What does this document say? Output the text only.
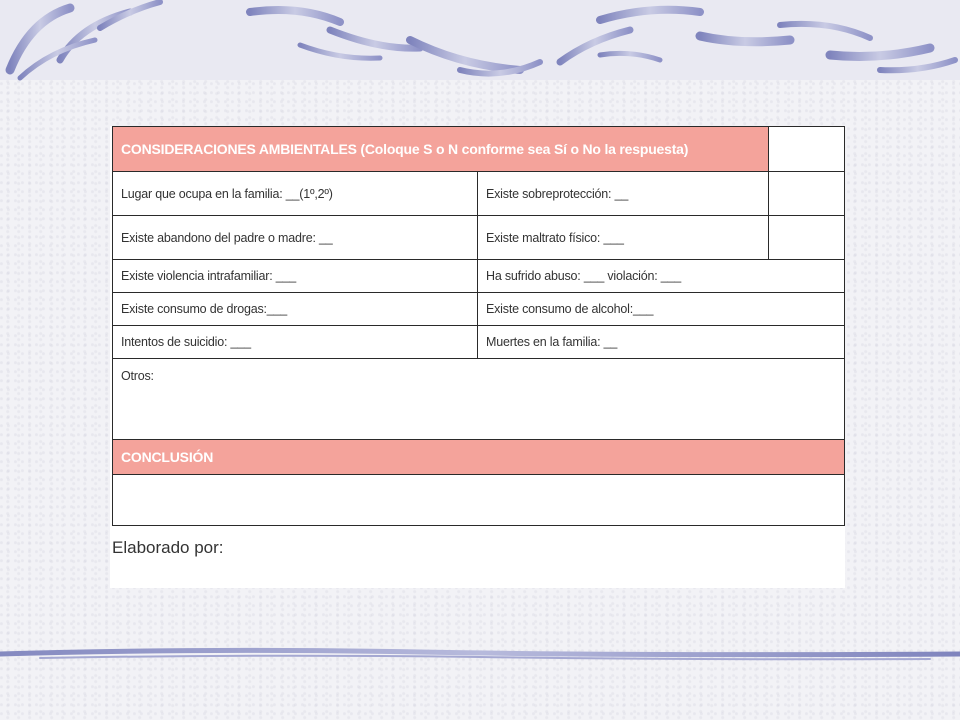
CONSIDERACIONES AMBIENTALES (Coloque S o N conforme sea Sí o No la respuesta)		
Lugar que ocupa en la familia: __(1º,2º)	Existe sobreprotección: __	
Existe abandono del padre o madre: __	Existe maltrato físico: ___	
Existe violencia intrafamiliar: ___	Ha sufrido abuso: ___ violación: ___	
Existe consumo de drogas:___	Existe consumo de alcohol:___	
Intentos de suicidio: ___	Muertes en la familia: __	
Otros:		
CONCLUSIÓN		

Elaborado por:
